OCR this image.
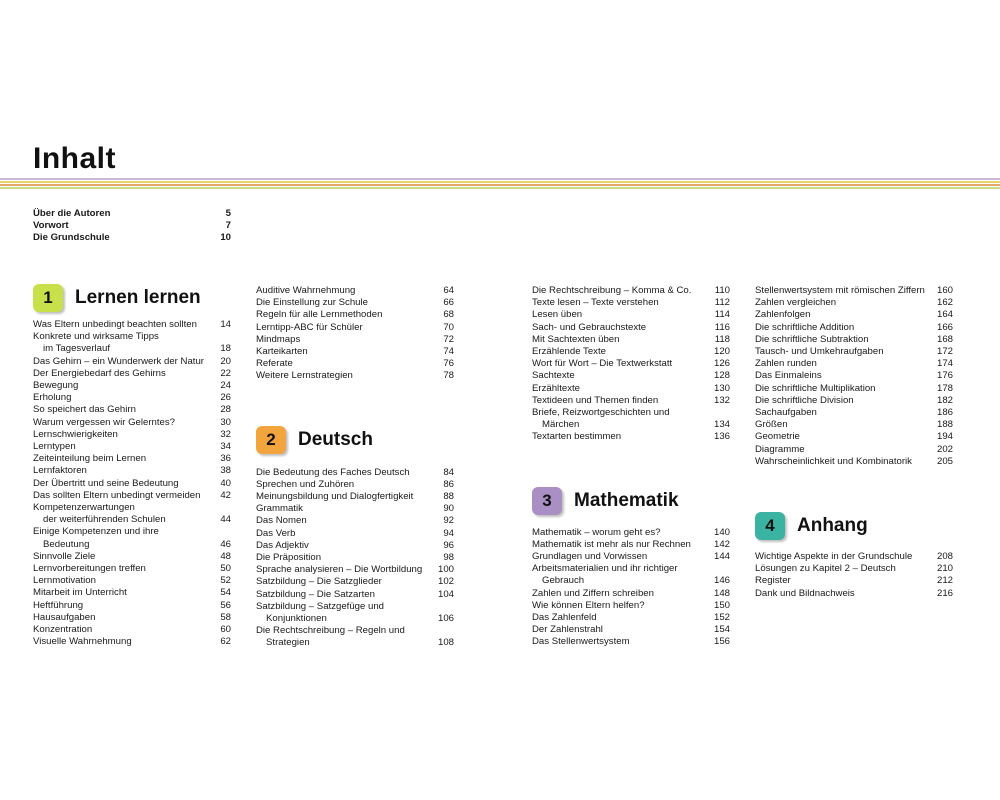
Inhalt
Über die Autoren	5
Vorwort	7
Die Grundschule	10
1	Lernen lernen
Was Eltern unbedingt beachten sollten	14
Konkrete und wirksame Tipps
im Tagesverlauf	18
Das Gehirn – ein Wunderwerk der Natur	20
Der Energiebedarf des Gehirns	22
Bewegung	24
Erholung	26
So speichert das Gehirn	28
Warum vergessen wir Gelerntes?	30
Lernschwierigkeiten	32
Lerntypen	34
Zeiteinteilung beim Lernen	36
Lernfaktoren	38
Der Übertritt und seine Bedeutung	40
Das sollten Eltern unbedingt vermeiden	42
Kompetenzerwartungen
der weiterführenden Schulen	44
Einige Kompetenzen und ihre
Bedeutung	46
Sinnvolle Ziele	48
Lernvorbereitungen treffen	50
Lernmotivation	52
Mitarbeit im Unterricht	54
Heftführung	56
Hausaufgaben	58
Konzentration	60
Visuelle Wahrnehmung	62
Auditive Wahrnehmung	64
Die Einstellung zur Schule	66
Regeln für alle Lernmethoden	68
Lerntipp-ABC für Schüler	70
Mindmaps	72
Karteikarten	74
Referate	76
Weitere Lernstrategien	78
2	Deutsch
Die Bedeutung des Faches Deutsch	84
Sprechen und Zuhören	86
Meinungsbildung und Dialogfertigkeit	88
Grammatik	90
Das Nomen	92
Das Verb	94
Das Adjektiv	96
Die Präposition	98
Sprache analysieren – Die Wortbildung	100
Satzbildung – Die Satzglieder	102
Satzbildung – Die Satzarten	104
Satzbildung – Satzgefüge und
Konjunktionen	106
Die Rechtschreibung – Regeln und
Strategien	108
Die Rechtschreibung – Komma & Co.	110
Texte lesen – Texte verstehen	112
Lesen üben	114
Sach- und Gebrauchstexte	116
Mit Sachtexten üben	118
Erzählende Texte	120
Wort für Wort – Die Textwerkstatt	126
Sachtexte	128
Erzähltexte	130
Textideen und Themen finden	132
Briefe, Reizwortgeschichten und
Märchen	134
Textarten bestimmen	136
3	Mathematik
Mathematik – worum geht es?	140
Mathematik ist mehr als nur Rechnen	142
Grundlagen und Vorwissen	144
Arbeitsmaterialien und ihr richtiger
Gebrauch	146
Zahlen und Ziffern schreiben	148
Wie können Eltern helfen?	150
Das Zahlenfeld	152
Der Zahlenstrahl	154
Das Stellenwertsystem	156
Stellenwertsystem mit römischen Ziffern	160
Zahlen vergleichen	162
Zahlenfolgen	164
Die schriftliche Addition	166
Die schriftliche Subtraktion	168
Tausch- und Umkehraufgaben	172
Zahlen runden	174
Das Einmaleins	176
Die schriftliche Multiplikation	178
Die schriftliche Division	182
Sachaufgaben	186
Größen	188
Geometrie	194
Diagramme	202
Wahrscheinlichkeit und Kombinatorik	205
4	Anhang
Wichtige Aspekte in der Grundschule	208
Lösungen zu Kapitel 2 – Deutsch	210
Register	212
Dank und Bildnachweis	216
